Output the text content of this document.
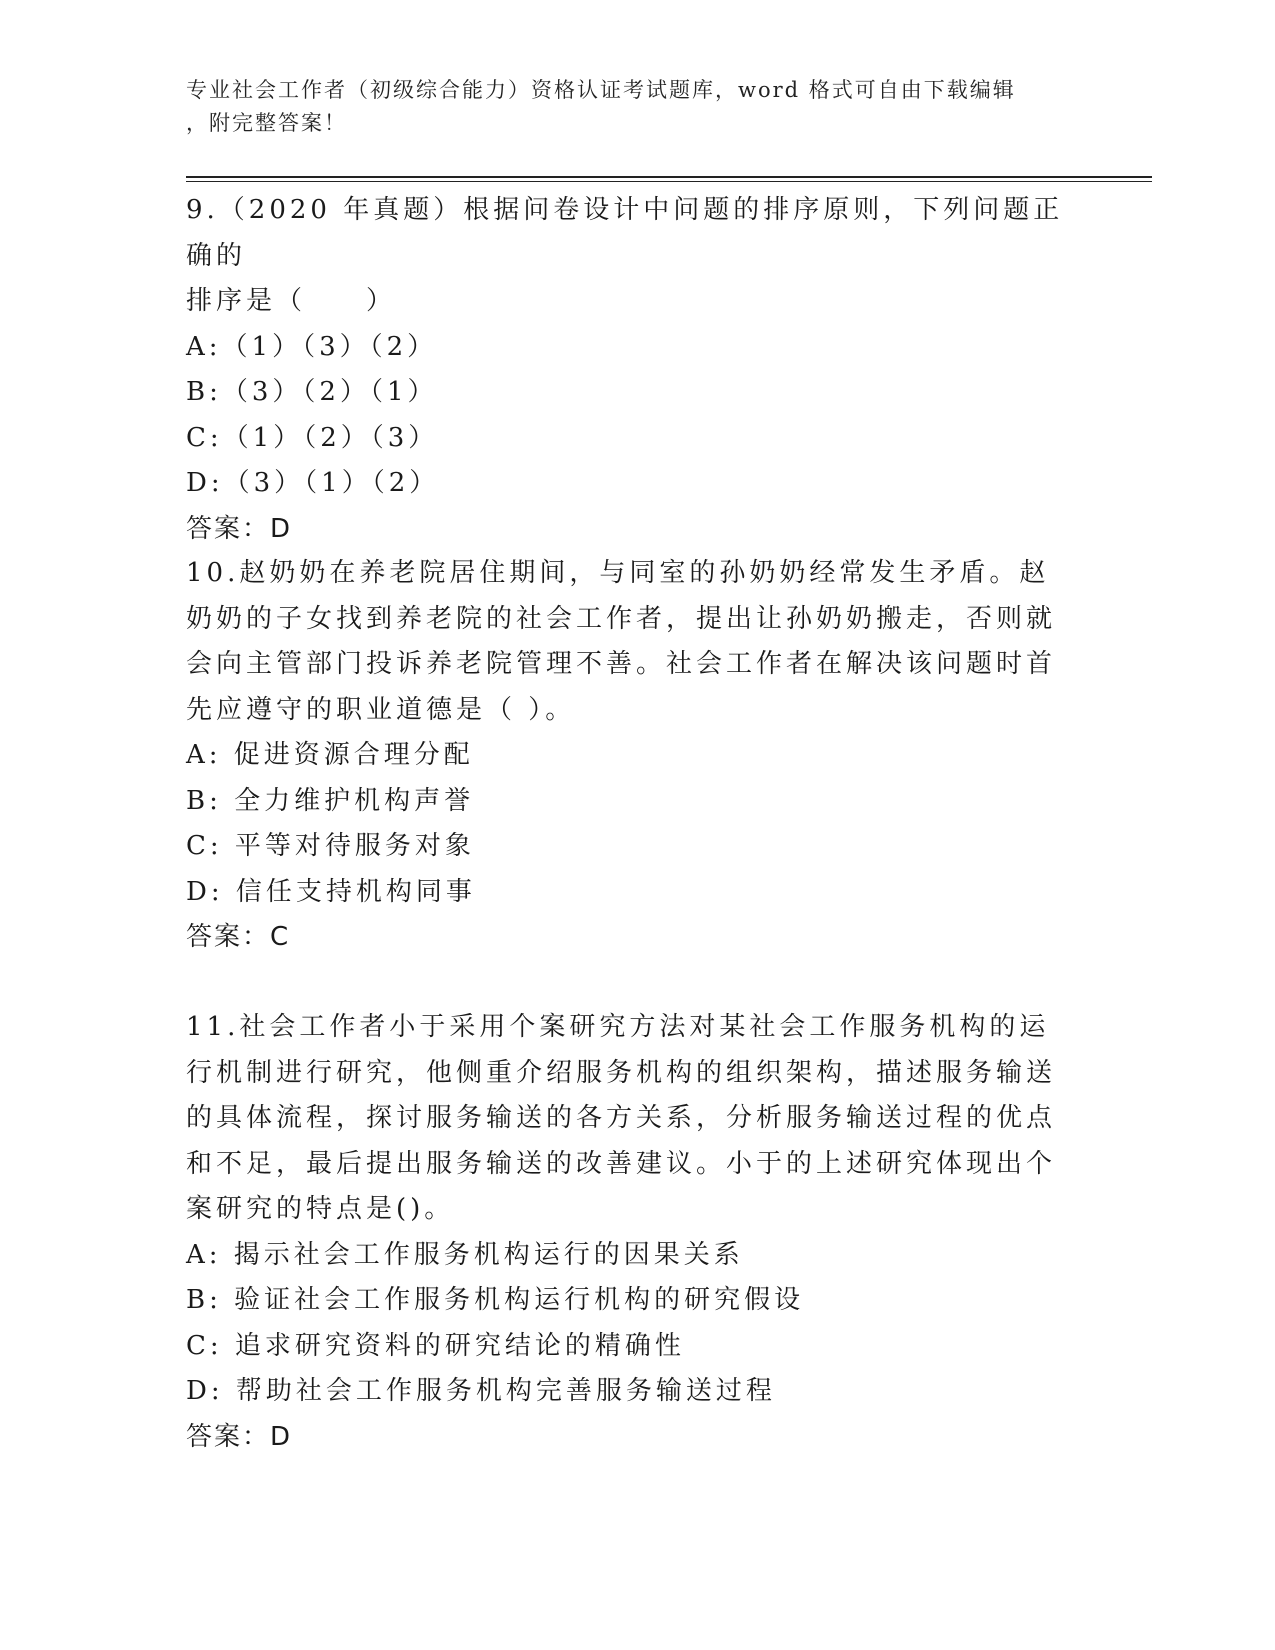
专业社会工作者（初级综合能力）资格认证考试题库，word 格式可自由下载编辑
，附完整答案！

9.（2020 年真题）根据问卷设计中问题的排序原则，下列问题正确的

排序是（　　）

A:（1）（3）（2）

B:（3）（2）（1）

C:（1）（2）（3）

D:（3）（1）（2）

答案：D

10.赵奶奶在养老院居住期间，与同室的孙奶奶经常发生矛盾。赵奶奶的子女找到养老院的社会工作者，提出让孙奶奶搬走，否则就会向主管部门投诉养老院管理不善。社会工作者在解决该问题时首先应遵守的职业道德是（ ）。

A: 促进资源合理分配

B: 全力维护机构声誉

C: 平等对待服务对象

D: 信任支持机构同事

答案：C

11.社会工作者小于采用个案研究方法对某社会工作服务机构的运行机制进行研究，他侧重介绍服务机构的组织架构，描述服务输送的具体流程，探讨服务输送的各方关系，分析服务输送过程的优点和不足，最后提出服务输送的改善建议。小于的上述研究体现出个案研究的特点是()。

A: 揭示社会工作服务机构运行的因果关系

B: 验证社会工作服务机构运行机构的研究假设

C: 追求研究资料的研究结论的精确性

D: 帮助社会工作服务机构完善服务输送过程

答案：D
